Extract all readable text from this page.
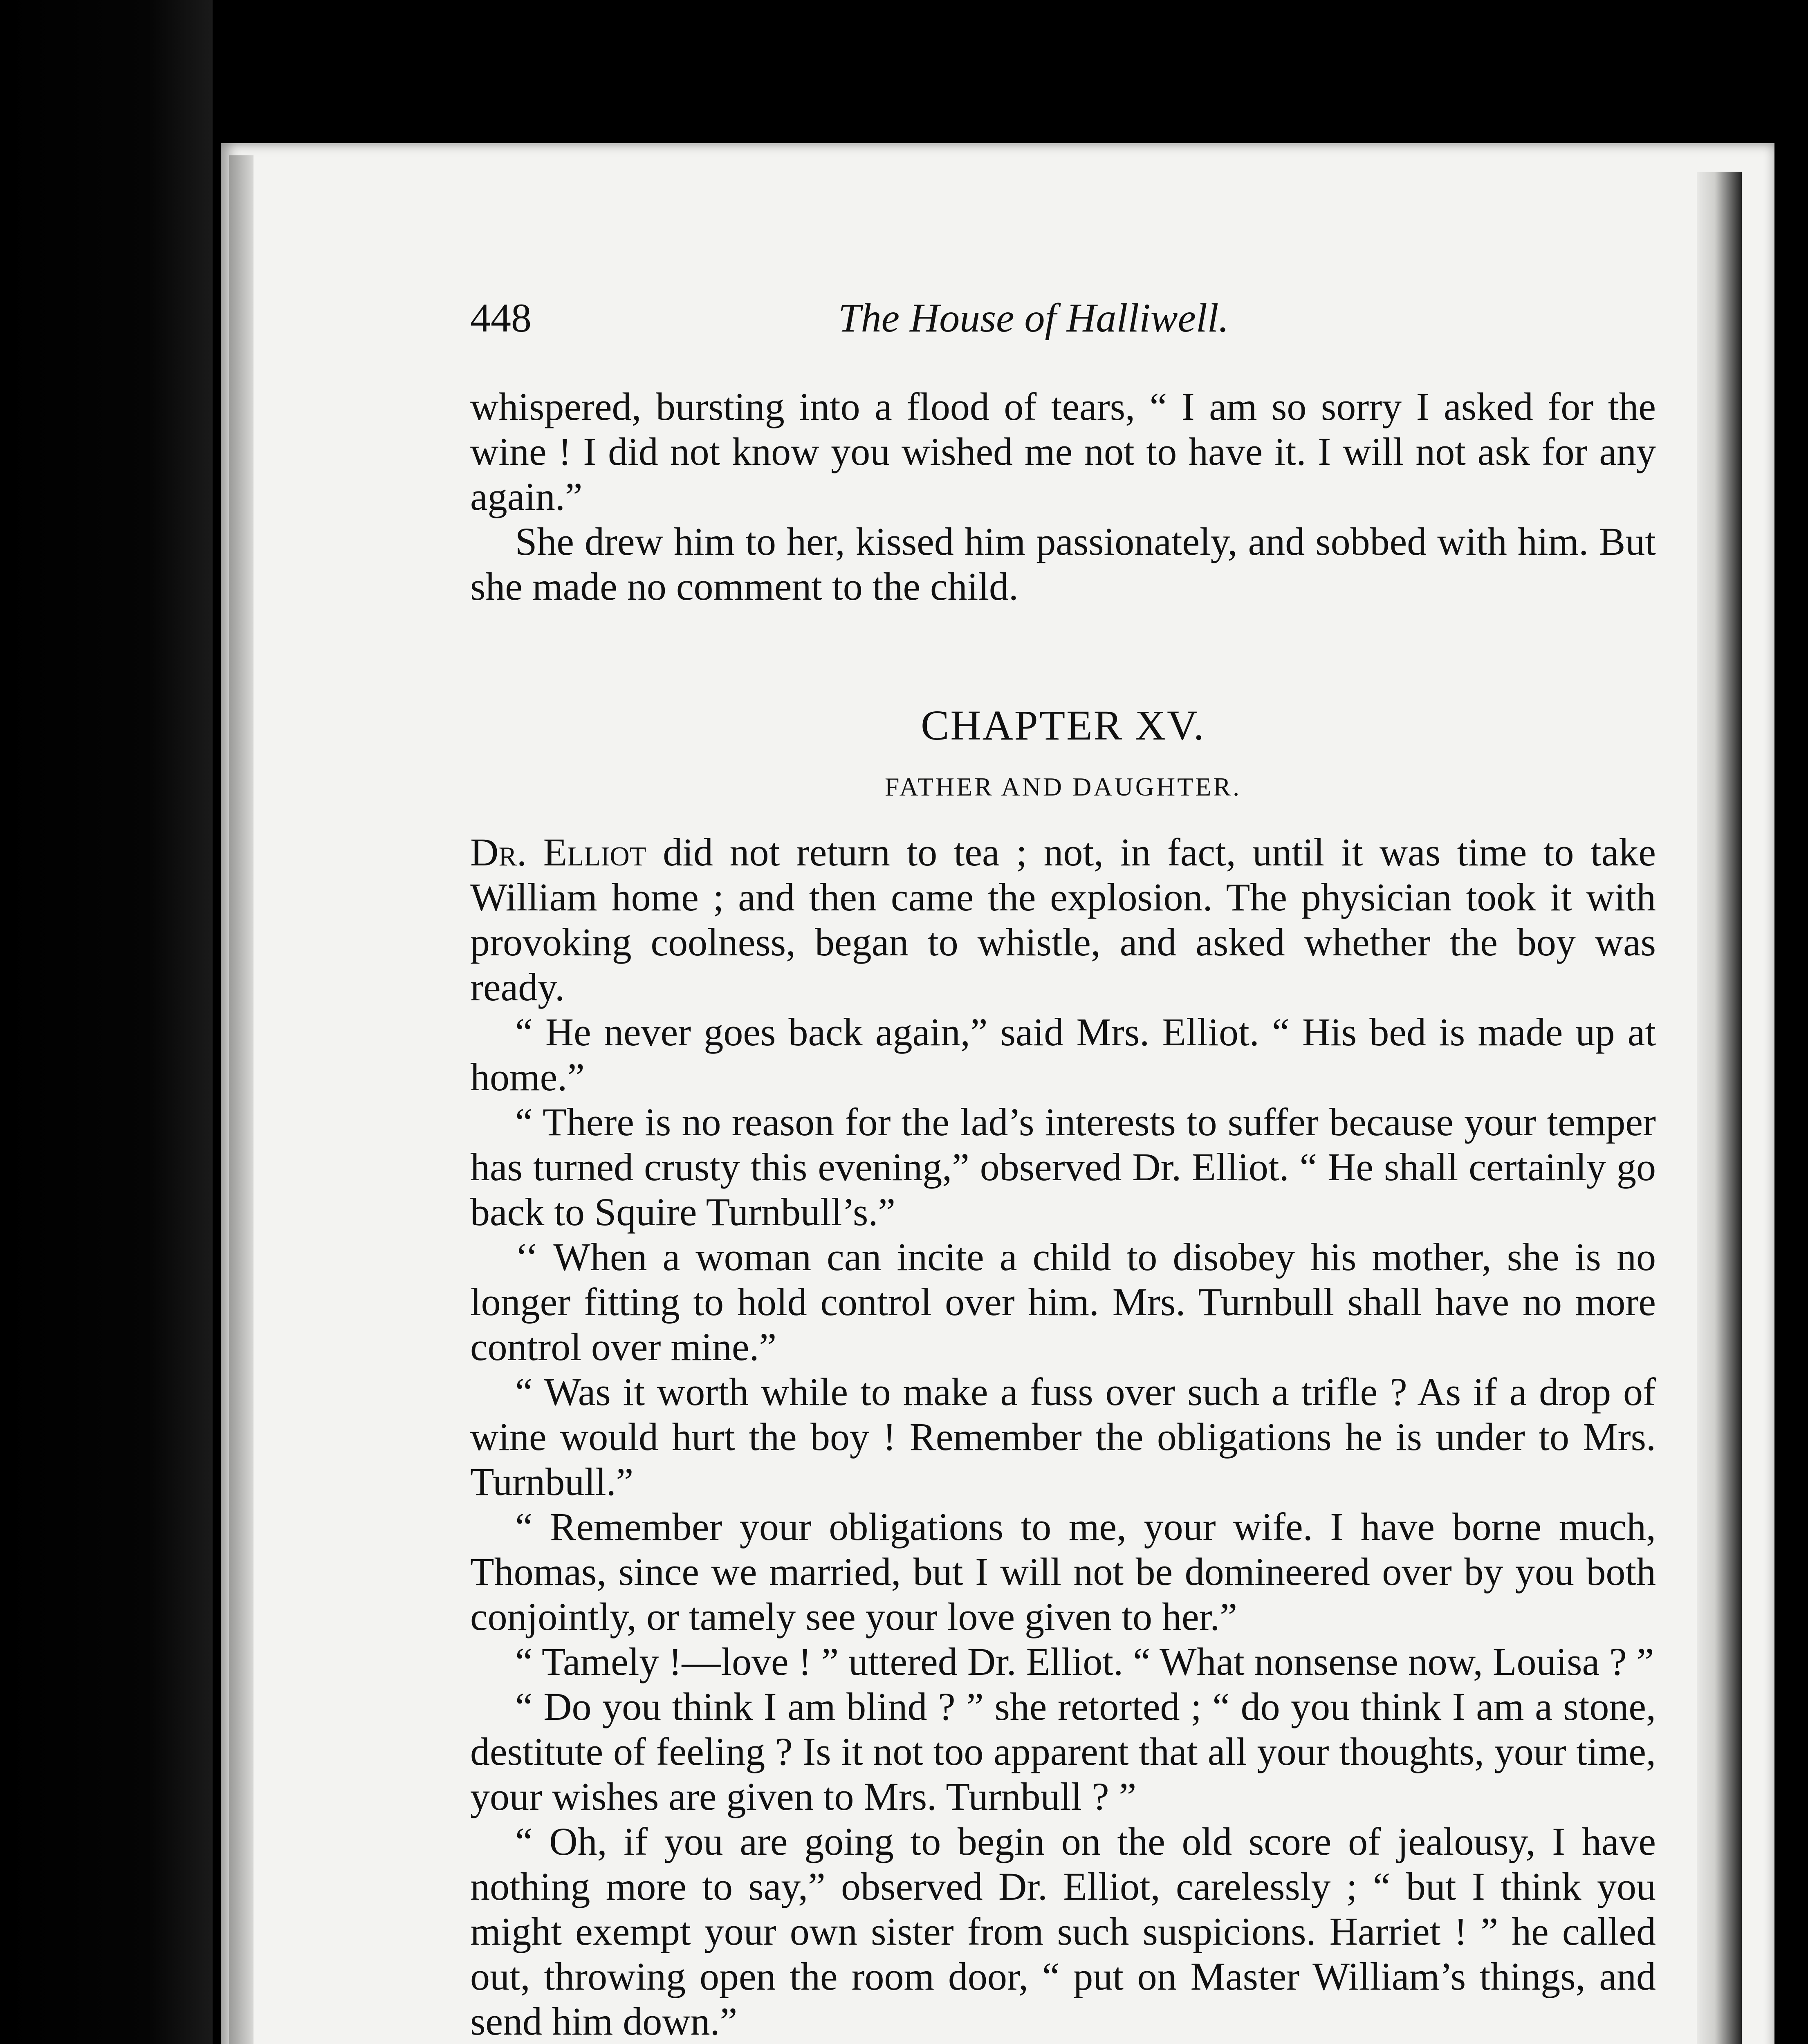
448	The House of Halliwell.

whispered, bursting into a flood of tears, “ I am so sorry I asked for the wine ! I did not know you wished me not to have it. I will not ask for any again.”

She drew him to her, kissed him passionately, and sobbed with him. But she made no comment to the child.

CHAPTER XV.

FATHER AND DAUGHTER.

Dr. Elliot did not return to tea ; not, in fact, until it was time to take William home ; and then came the explosion. The physician took it with provoking coolness, began to whistle, and asked whether the boy was ready.

“ He never goes back again,” said Mrs. Elliot. “ His bed is made up at home.”

“ There is no reason for the lad’s interests to suffer because your temper has turned crusty this evening,” observed Dr. Elliot. “ He shall certainly go back to Squire Turnbull’s.”

‘‘ When a woman can incite a child to disobey his mother, she is no longer fitting to hold control over him. Mrs. Turnbull shall have no more control over mine.”

“ Was it worth while to make a fuss over such a trifle ? As if a drop of wine would hurt the boy ! Remember the obligations he is under to Mrs. Turnbull.”

“ Remember your obligations to me, your wife. I have borne much, Thomas, since we married, but I will not be domineered over by you both conjointly, or tamely see your love given to her.”

“ Tamely !—love ! ” uttered Dr. Elliot. “ What nonsense now, Louisa ? ”

“ Do you think I am blind ? ” she retorted ; “ do you think I am a stone, destitute of feeling ? Is it not too apparent that all your thoughts, your time, your wishes are given to Mrs. Turnbull ? ”

“ Oh, if you are going to begin on the old score of jealousy, I have nothing more to say,” observed Dr. Elliot, carelessly ; “ but I think you might exempt your own sister from such suspicions. Harriet ! ” he called out, throwing open the room door, “ put on Master William’s things, and send him down.”
